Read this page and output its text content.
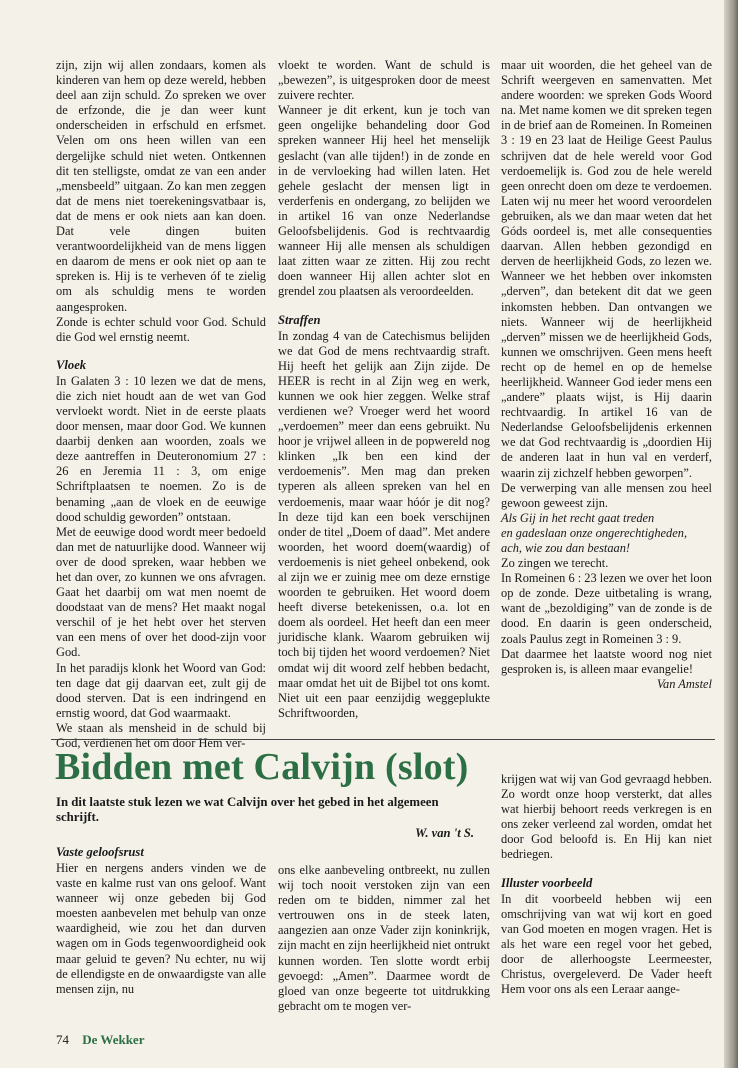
zijn, zijn wij allen zondaars, komen als kinderen van hem op deze wereld, hebben deel aan zijn schuld. Zo spreken we over de erfzonde, die je dan weer kunt onderscheiden in erfschuld en erfsmet. Velen om ons heen willen van een dergelijke schuld niet weten. Ontkennen dit ten stelligste, omdat ze van een ander „mensbeeld” uitgaan. Zo kan men zeggen dat de mens niet toerekeningsvatbaar is, dat de mens er ook niets aan kan doen. Dat vele dingen buiten verantwoordelijkheid van de mens liggen en daarom de mens er ook niet op aan te spreken is. Hij is te verheven óf te zielig om als schuldig mens te worden aangesproken.

Zonde is echter schuld voor God. Schuld die God wel ernstig neemt.

Vloek

In Galaten 3 : 10 lezen we dat de mens, die zich niet houdt aan de wet van God vervloekt wordt. Niet in de eerste plaats door mensen, maar door God. We kunnen daarbij denken aan woorden, zoals we deze aantreffen in Deuteronomium 27 : 26 en Jeremia 11 : 3, om enige Schriftplaatsen te noemen. Zo is de benaming „aan de vloek en de eeuwige dood schuldig geworden” ontstaan.

Met de eeuwige dood wordt meer bedoeld dan met de natuurlijke dood. Wanneer wij over de dood spreken, waar hebben we het dan over, zo kunnen we ons afvragen. Gaat het daarbij om wat men noemt de doodstaat van de mens? Het maakt nogal verschil of je het hebt over het sterven van een mens of over het dood-zijn voor God.

In het paradijs klonk het Woord van God: ten dage dat gij daarvan eet, zult gij de dood sterven. Dat is een indringend en ernstig woord, dat God waarmaakt.

We staan als mensheid in de schuld bij God, verdienen het om door Hem ver-

vloekt te worden. Want de schuld is „bewezen”, is uitgesproken door de meest zuivere rechter.

Wanneer je dit erkent, kun je toch van geen ongelijke behandeling door God spreken wanneer Hij heel het menselijk geslacht (van alle tijden!) in de zonde en in de vervloeking had willen laten. Het gehele geslacht der mensen ligt in verderfenis en ondergang, zo belijden we in artikel 16 van onze Nederlandse Geloofsbelijdenis. God is rechtvaardig wanneer Hij alle mensen als schuldigen laat zitten waar ze zitten. Hij zou recht doen wanneer Hij allen achter slot en grendel zou plaatsen als veroordeelden.

Straffen

In zondag 4 van de Catechismus belijden we dat God de mens rechtvaardig straft. Hij heeft het gelijk aan Zijn zijde. De HEER is recht in al Zijn weg en werk, kunnen we ook hier zeggen. Welke straf verdienen we? Vroeger werd het woord „verdoemen” meer dan eens gebruikt. Nu hoor je vrijwel alleen in de popwereld nog klinken „Ik ben een kind der verdoemenis”. Men mag dan preken typeren als alleen spreken van hel en verdoemenis, maar waar hóór je dit nog? In deze tijd kan een boek verschijnen onder de titel „Doem of daad”. Met andere woorden, het woord doem(waardig) of verdoemenis is niet geheel onbekend, ook al zijn we er zuinig mee om deze ernstige woorden te gebruiken. Het woord doem heeft diverse betekenissen, o.a. lot en doem als oordeel. Het heeft dan een meer juridische klank. Waarom gebruiken wij toch bij tijden het woord verdoemen? Niet omdat wij dit woord zelf hebben bedacht, maar omdat het uit de Bijbel tot ons komt. Niet uit een paar eenzijdig weggeplukte Schriftwoorden,

maar uit woorden, die het geheel van de Schrift weergeven en samenvatten. Met andere woorden: we spreken Gods Woord na. Met name komen we dit spreken tegen in de brief aan de Romeinen. In Romeinen 3 : 19 en 23 laat de Heilige Geest Paulus schrijven dat de hele wereld voor God verdoemelijk is. God zou de hele wereld geen onrecht doen om deze te verdoemen. Laten wij nu meer het woord veroordelen gebruiken, als we dan maar weten dat het Góds oordeel is, met alle consequenties daarvan. Allen hebben gezondigd en derven de heerlijkheid Gods, zo lezen we. Wanneer we het hebben over inkomsten „derven”, dan betekent dit dat we geen inkomsten hebben. Dan ontvangen we niets. Wanneer wij de heerlijkheid „derven” missen we de heerlijkheid Gods, kunnen we omschrijven. Geen mens heeft recht op de hemel en op de hemelse heerlijkheid. Wanneer God ieder mens een „andere” plaats wijst, is Hij daarin rechtvaardig. In artikel 16 van de Nederlandse Geloofsbelijdenis erkennen we dat God rechtvaardig is „doordien Hij de anderen laat in hun val en verderf, waarin zij zichzelf hebben geworpen”.

De verwerping van alle mensen zou heel gewoon geweest zijn.

Als Gij in het recht gaat treden

en gadeslaan onze ongerechtigheden,

ach, wie zou dan bestaan!

Zo zingen we terecht.

In Romeinen 6 : 23 lezen we over het loon op de zonde. Deze uitbetaling is wrang, want de „bezoldiging” van de zonde is de dood. En daarin is geen onderscheid, zoals Paulus zegt in Romeinen 3 : 9.

Dat daarmee het laatste woord nog niet gesproken is, is alleen maar evangelie!

Van Amstel

Bidden met Calvijn (slot)
In dit laatste stuk lezen we wat Calvijn over het gebed in het algemeen schrijft.
W. van 't S.
Vaste geloofsrust

Hier en nergens anders vinden we de vaste en kalme rust van ons geloof. Want wanneer wij onze gebeden bij God moesten aanbevelen met behulp van onze waardigheid, wie zou het dan durven wagen om in Gods tegenwoordigheid ook maar geluid te geven? Nu echter, nu wij de ellendigste en de onwaardigste van alle mensen zijn, nu

ons elke aanbeveling ontbreekt, nu zullen wij toch nooit verstoken zijn van een reden om te bidden, nimmer zal het vertrouwen ons in de steek laten, aangezien aan onze Vader zijn koninkrijk, zijn macht en zijn heerlijkheid niet ontrukt kunnen worden. Ten slotte wordt erbij gevoegd: „Amen”. Daarmee wordt de gloed van onze begeerte tot uitdrukking gebracht om te mogen ver-

krijgen wat wij van God gevraagd hebben. Zo wordt onze hoop versterkt, dat alles wat hierbij behoort reeds verkregen is en ons zeker verleend zal worden, omdat het door God beloofd is. En Hij kan niet bedriegen.

Illuster voorbeeld

In dit voorbeeld hebben wij een omschrijving van wat wij kort en goed van God moeten en mogen vragen. Het is als het ware een regel voor het gebed, door de allerhoogste Leermeester, Christus, overgeleverd. De Vader heeft Hem voor ons als een Leraar aange-

74 De Wekker
